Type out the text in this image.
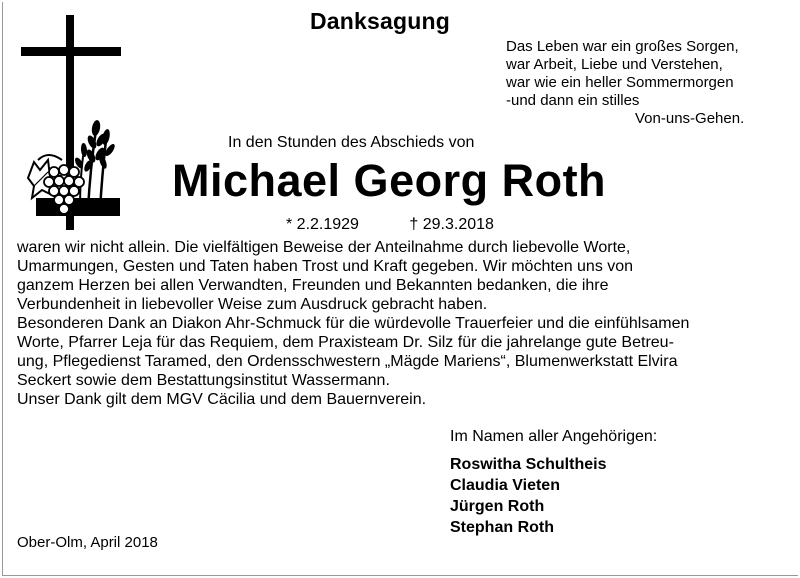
Danksagung
Das Leben war ein großes Sorgen,
war Arbeit, Liebe und Verstehen,
war wie ein heller Sommermorgen
-und dann ein stilles
Von-uns-Gehen.
In den Stunden des Abschieds von
Michael Georg Roth
* 2.2.1929	† 29.3.2018
waren wir nicht allein. Die vielfältigen Beweise der Anteilnahme durch liebevolle Worte,
Umarmungen, Gesten und Taten haben Trost und Kraft gegeben. Wir möchten uns von
ganzem Herzen bei allen Verwandten, Freunden und Bekannten bedanken, die ihre
Verbundenheit in liebevoller Weise zum Ausdruck gebracht haben.
Besonderen Dank an Diakon Ahr-Schmuck für die würdevolle Trauerfeier und die einfühlsamen
Worte, Pfarrer Leja für das Requiem, dem Praxisteam Dr. Silz für die jahrelange gute Betreu-
ung, Pflegedienst Taramed, den Ordensschwestern „Mägde Mariens“, Blumenwerkstatt Elvira
Seckert sowie dem Bestattungsinstitut Wassermann.
Unser Dank gilt dem MGV Cäcilia und dem Bauernverein.
Im Namen aller Angehörigen:
Roswitha Schultheis
Claudia Vieten
Jürgen Roth
Stephan Roth
Ober-Olm, April 2018
